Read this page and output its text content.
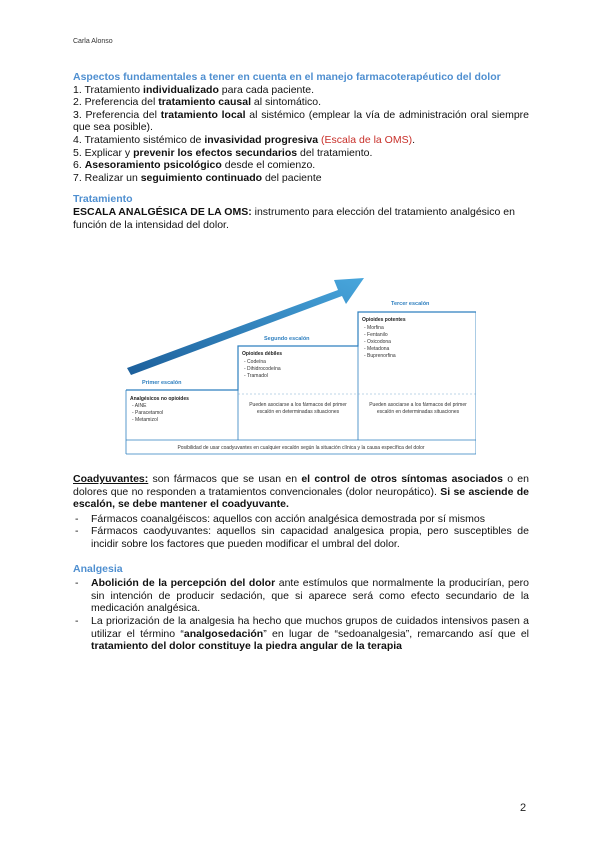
Carla Alonso

Aspectos fundamentales a tener en cuenta en el manejo farmacoterapéutico del dolor

1. Tratamiento individualizado para cada paciente.

2. Preferencia del tratamiento causal al sintomático.

3. Preferencia del tratamiento local al sistémico (emplear la vía de administración oral siempre que sea posible).

4. Tratamiento sistémico de invasividad progresiva (Escala de la OMS).

5. Explicar y prevenir los efectos secundarios del tratamiento.

6. Asesoramiento psicológico desde el comienzo.

7. Realizar un seguimiento continuado del paciente

Tratamiento

ESCALA ANALGÉSICA DE LA OMS: instrumento para elección del tratamiento analgésico en función de la intensidad del dolor.

Primer escalón
Analgésicos no opioides
- AINE
- Paracetamol
- Metamizol
Segundo escalón
Opioides débiles
- Codeína
- Dihidrocodeína
- Tramadol
Pueden asociarse a los fármacos del primer escalón en determinadas situaciones
Tercer escalón
Opioides potentes
- Morfina
- Fentanilo
- Oxicodona
- Metadona
- Buprenorfina
Pueden asociarse a los fármacos del primer escalón en determinadas situaciones
Posibilidad de usar coadyuvantes en cualquier escalón según la situación clínica y la causa específica del dolor

Coadyuvantes: son fármacos que se usan en el control de otros síntomas asociados o en dolores que no responden a tratamientos convencionales (dolor neuropático). Si se asciende de escalón, se debe mantener el coadyuvante.

- Fármacos coanalgéiscos: aquellos con acción analgésica demostrada por sí mismos
- Fármacos caodyuvantes: aquellos sin capacidad analgesica propia, pero susceptibles de incidir sobre los factores que pueden modificar el umbral del dolor.

Analgesia

- Abolición de la percepción del dolor ante estímulos que normalmente la producirían, pero sin intención de producir sedación, que si aparece será como efecto secundario de la medicación analgésica.
- La priorización de la analgesia ha hecho que muchos grupos de cuidados intensivos pasen a utilizar el término “analgosedación” en lugar de “sedoanalgesia”, remarcando así que el tratamiento del dolor constituye la piedra angular de la terapia
2
